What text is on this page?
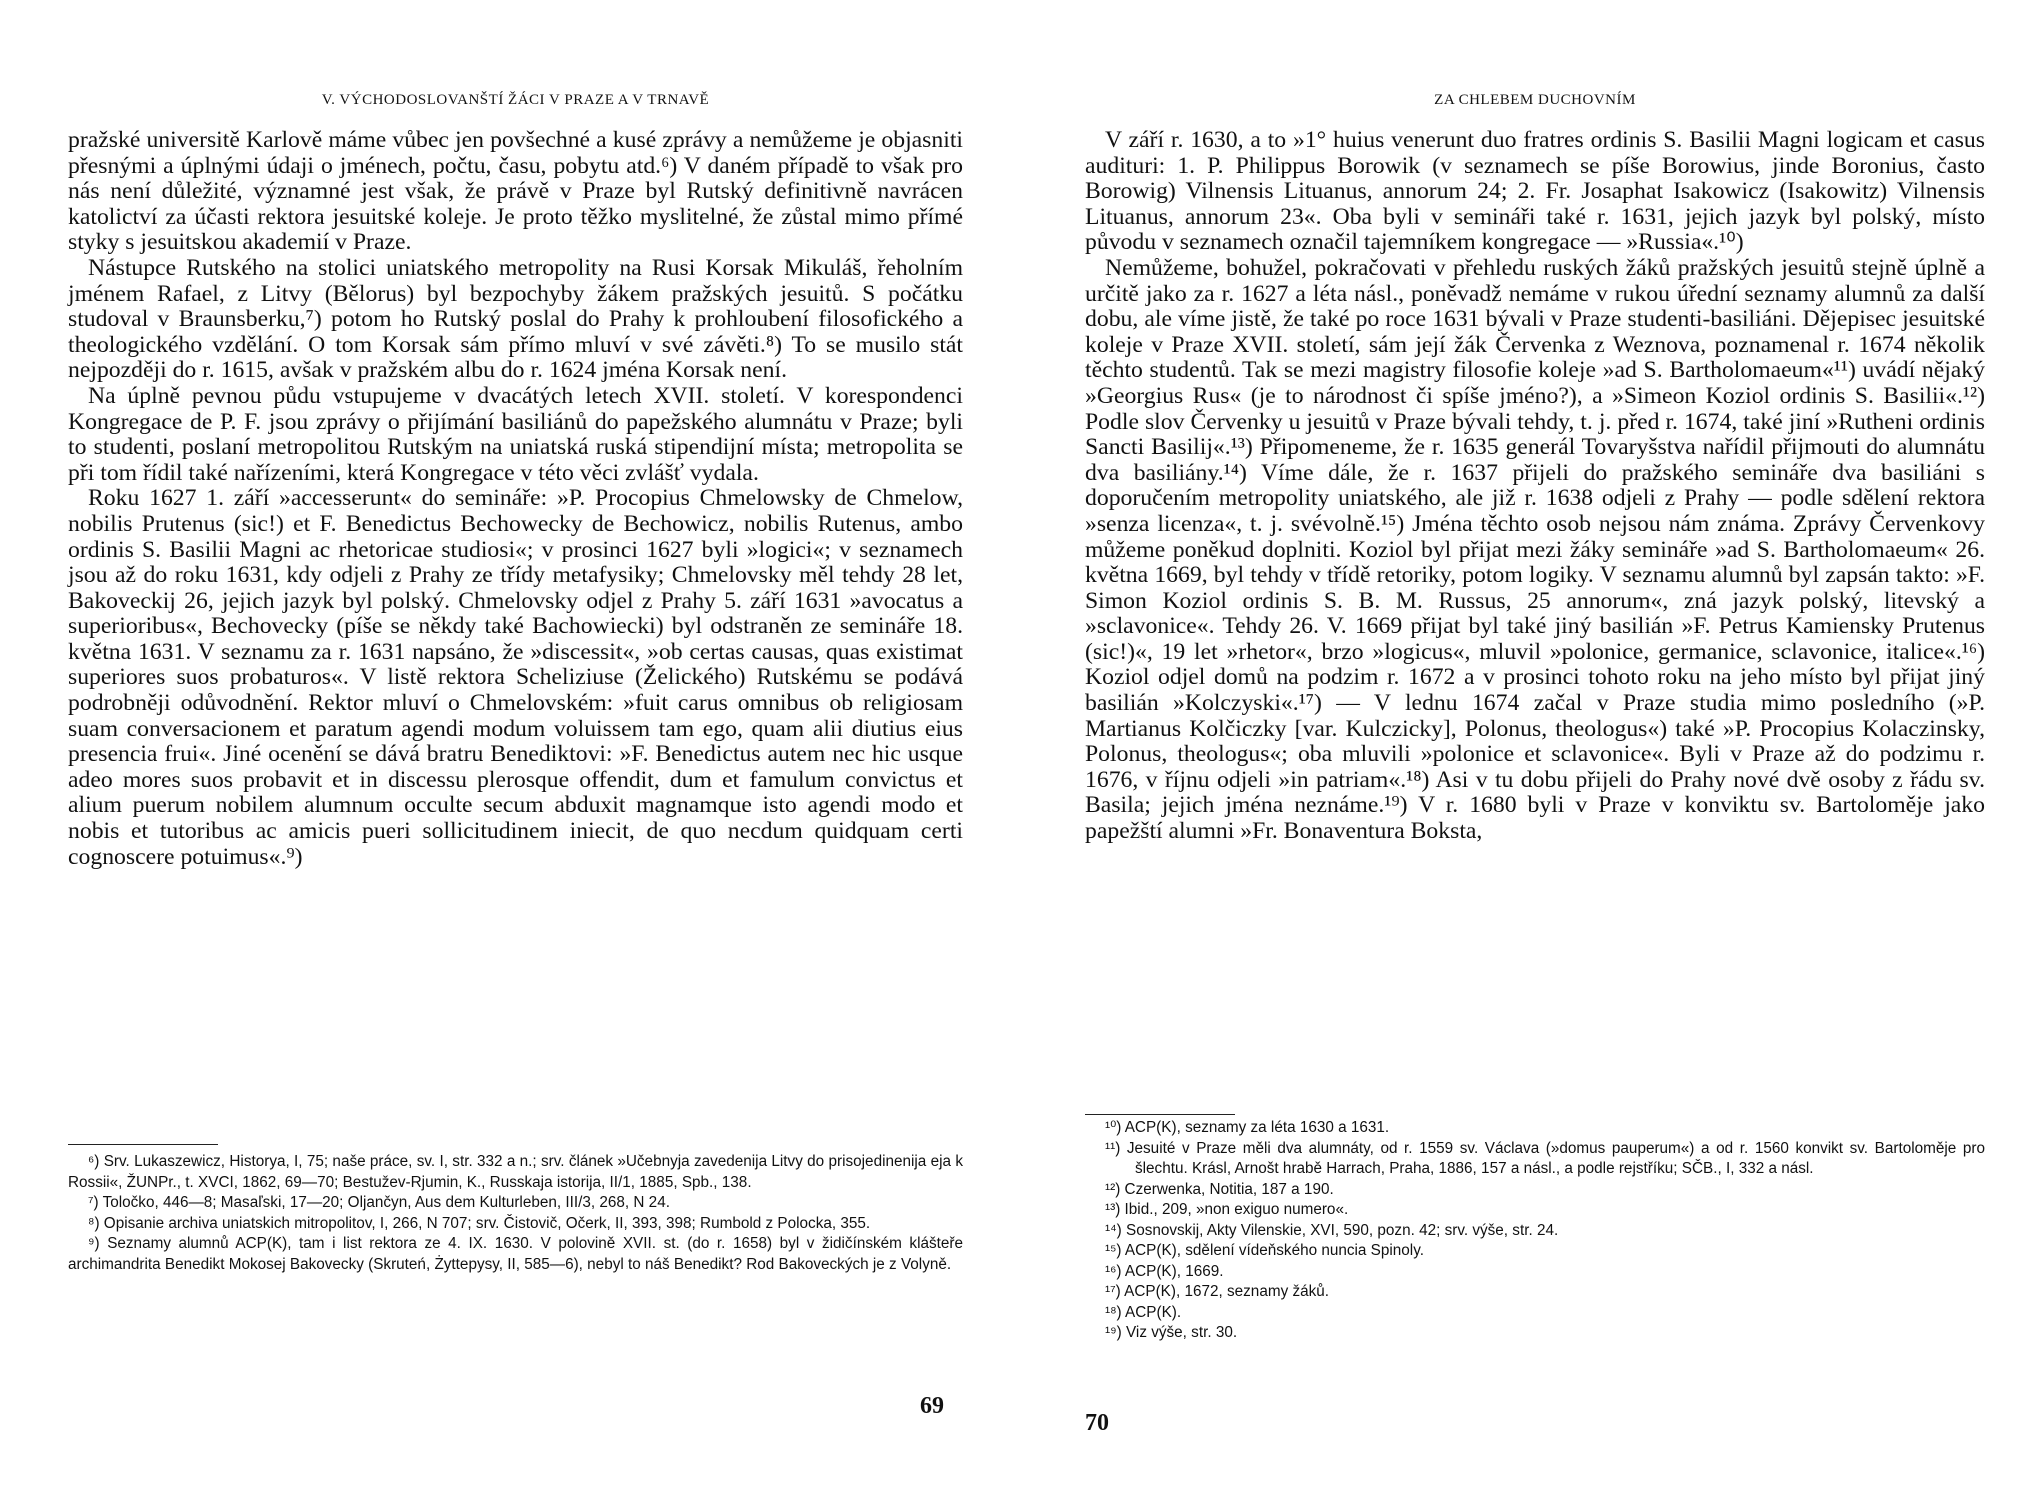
V. VÝCHODOSLOVANŠTÍ ŽÁCI V PRAZE A V TRNAVĚ

pražské universitě Karlově máme vůbec jen povšechné a kusé zprávy a nemůžeme je objasniti přesnými a úplnými údaji o jménech, počtu, času, pobytu atd.⁶) V daném případě to však pro nás není důležité, významné jest však, že právě v Praze byl Rutský definitivně navrácen katolictví za účasti rektora jesuitské koleje. Je proto těžko myslitelné, že zůstal mimo přímé styky s jesuitskou akademií v Praze.

Nástupce Rutského na stolici uniatského metropolity na Rusi Korsak Mikuláš, řeholním jménem Rafael, z Litvy (Bělorus) byl bezpochyby žákem pražských jesuitů. S počátku studoval v Braunsberku,⁷) potom ho Rutský poslal do Prahy k prohloubení filosofického a theologického vzdělání. O tom Korsak sám přímo mluví v své závěti.⁸) To se musilo stát nejpozději do r. 1615, avšak v pražském albu do r. 1624 jména Korsak není.

Na úplně pevnou půdu vstupujeme v dvacátých letech XVII. století. V korespondenci Kongregace de P. F. jsou zprávy o přijímání basiliánů do papežského alumnátu v Praze; byli to studenti, poslaní metropolitou Rutským na uniatská ruská stipendijní místa; metropolita se při tom řídil také nařízeními, která Kongregace v této věci zvlášť vydala.

Roku 1627 1. září »accesserunt« do semináře: »P. Procopius Chmelowsky de Chmelow, nobilis Prutenus (sic!) et F. Benedictus Bechowecky de Bechowicz, nobilis Rutenus, ambo ordinis S. Basilii Magni ac rhetoricae studiosi«; v prosinci 1627 byli »logici«; v seznamech jsou až do roku 1631, kdy odjeli z Prahy ze třídy metafysiky; Chmelovsky měl tehdy 28 let, Bakoveckij 26, jejich jazyk byl polský. Chmelovsky odjel z Prahy 5. září 1631 »avocatus a superioribus«, Bechovecky (píše se někdy také Bachowiecki) byl odstraněn ze semináře 18. května 1631. V seznamu za r. 1631 napsáno, že »discessit«, »ob certas causas, quas existimat superiores suos probaturos«. V listě rektora Scheliziuse (Želického) Rutskému se podává podrobněji odůvodnění. Rektor mluví o Chmelovském: »fuit carus omnibus ob religiosam suam conversacionem et paratum agendi modum voluissem tam ego, quam alii diutius eius presencia frui«. Jiné ocenění se dává bratru Benediktovi: »F. Benedictus autem nec hic usque adeo mores suos probavit et in discessu plerosque offendit, dum et famulum convictus et alium puerum nobilem alumnum occulte secum abduxit magnamque isto agendi modo et nobis et tutoribus ac amicis pueri sollicitudinem iniecit, de quo necdum quidquam certi cognoscere potuimus«.⁹)

⁶) Srv. Lukaszewicz, Historya, I, 75; naše práce, sv. I, str. 332 a n.; srv. článek »Učebnyja zavedenija Litvy do prisojedinenija eja k Rossii«, ŽUNPr., t. XVCI, 1862, 69—70; Bestužev-Rjumin, K., Russkaja istorija, II/1, 1885, Spb., 138.

⁷) Toločko, 446—8; Masaľski, 17—20; Oljančyn, Aus dem Kulturleben, III/3, 268, N 24.

⁸) Opisanie archiva uniatskich mitropolitov, I, 266, N 707; srv. Čistovič, Očerk, II, 393, 398; Rumbold z Polocka, 355.

⁹) Seznamy alumnů ACP(K), tam i list rektora ze 4. IX. 1630. V polovině XVII. st. (do r. 1658) byl v židičínském klášteře archimandrita Benedikt Mokosej Bakovecky (Skruteń, Żyttepysy, II, 585—6), nebyl to náš Benedikt? Rod Bakoveckých je z Volyně.

69
ZA CHLEBEM DUCHOVNÍM

V září r. 1630, a to »1° huius venerunt duo fratres ordinis S. Basilii Magni logicam et casus audituri: 1. P. Philippus Borowik (v seznamech se píše Borowius, jinde Boronius, často Borowig) Vilnensis Lituanus, annorum 24; 2. Fr. Josaphat Isakowicz (Isakowitz) Vilnensis Lituanus, annorum 23«. Oba byli v semináři také r. 1631, jejich jazyk byl polský, místo původu v seznamech označil tajemníkem kongregace — »Russia«.¹⁰)

Nemůžeme, bohužel, pokračovati v přehledu ruských žáků pražských jesuitů stejně úplně a určitě jako za r. 1627 a léta násl., poněvadž nemáme v rukou úřední seznamy alumnů za další dobu, ale víme jistě, že také po roce 1631 bývali v Praze studenti-basiliáni. Dějepisec jesuitské koleje v Praze XVII. století, sám její žák Červenka z Weznova, poznamenal r. 1674 několik těchto studentů. Tak se mezi magistry filosofie koleje »ad S. Bartholomaeum«¹¹) uvádí nějaký »Georgius Rus« (je to národnost či spíše jméno?), a »Simeon Koziol ordinis S. Basilii«.¹²) Podle slov Červenky u jesuitů v Praze bývali tehdy, t. j. před r. 1674, také jiní »Rutheni ordinis Sancti Basilij«.¹³) Připomeneme, že r. 1635 generál Tovaryšstva nařídil přijmouti do alumnátu dva basiliány.¹⁴) Víme dále, že r. 1637 přijeli do pražského semináře dva basiliáni s doporučením metropolity uniatského, ale již r. 1638 odjeli z Prahy — podle sdělení rektora »senza licenza«, t. j. svévolně.¹⁵) Jména těchto osob nejsou nám známa. Zprávy Červenkovy můžeme poněkud doplniti. Koziol byl přijat mezi žáky semináře »ad S. Bartholomaeum« 26. května 1669, byl tehdy v třídě retoriky, potom logiky. V seznamu alumnů byl zapsán takto: »F. Simon Koziol ordinis S. B. M. Russus, 25 annorum«, zná jazyk polský, litevský a »sclavonice«. Tehdy 26. V. 1669 přijat byl také jiný basilián »F. Petrus Kamiensky Prutenus (sic!)«, 19 let »rhetor«, brzo »logicus«, mluvil »polonice, germanice, sclavonice, italice«.¹⁶) Koziol odjel domů na podzim r. 1672 a v prosinci tohoto roku na jeho místo byl přijat jiný basilián »Kolczyski«.¹⁷) — V lednu 1674 začal v Praze studia mimo posledního (»P. Martianus Kolčiczky [var. Kulczicky], Polonus, theologus«) také »P. Procopius Kolaczinsky, Polonus, theologus«; oba mluvili »polonice et sclavonice«. Byli v Praze až do podzimu r. 1676, v říjnu odjeli »in patriam«.¹⁸) Asi v tu dobu přijeli do Prahy nové dvě osoby z řádu sv. Basila; jejich jména neznáme.¹⁹) V r. 1680 byli v Praze v konviktu sv. Bartoloměje jako papežští alumni »Fr. Bonaventura Boksta,

¹⁰) ACP(K), seznamy za léta 1630 a 1631.

¹¹) Jesuité v Praze měli dva alumnáty, od r. 1559 sv. Václava (»domus pauperum«) a od r. 1560 konvikt sv. Bartoloměje pro šlechtu. Krásl, Arnošt hrabě Harrach, Praha, 1886, 157 a násl., a podle rejstříku; SČB., I, 332 a násl.

¹²) Czerwenka, Notitia, 187 a 190.

¹³) Ibid., 209, »non exiguo numero«.

¹⁴) Sosnovskij, Akty Vilenskie, XVI, 590, pozn. 42; srv. výše, str. 24.

¹⁵) ACP(K), sdělení vídeňského nuncia Spinoly.

¹⁶) ACP(K), 1669.

¹⁷) ACP(K), 1672, seznamy žáků.

¹⁸) ACP(K).

¹⁹) Viz výše, str. 30.

70
